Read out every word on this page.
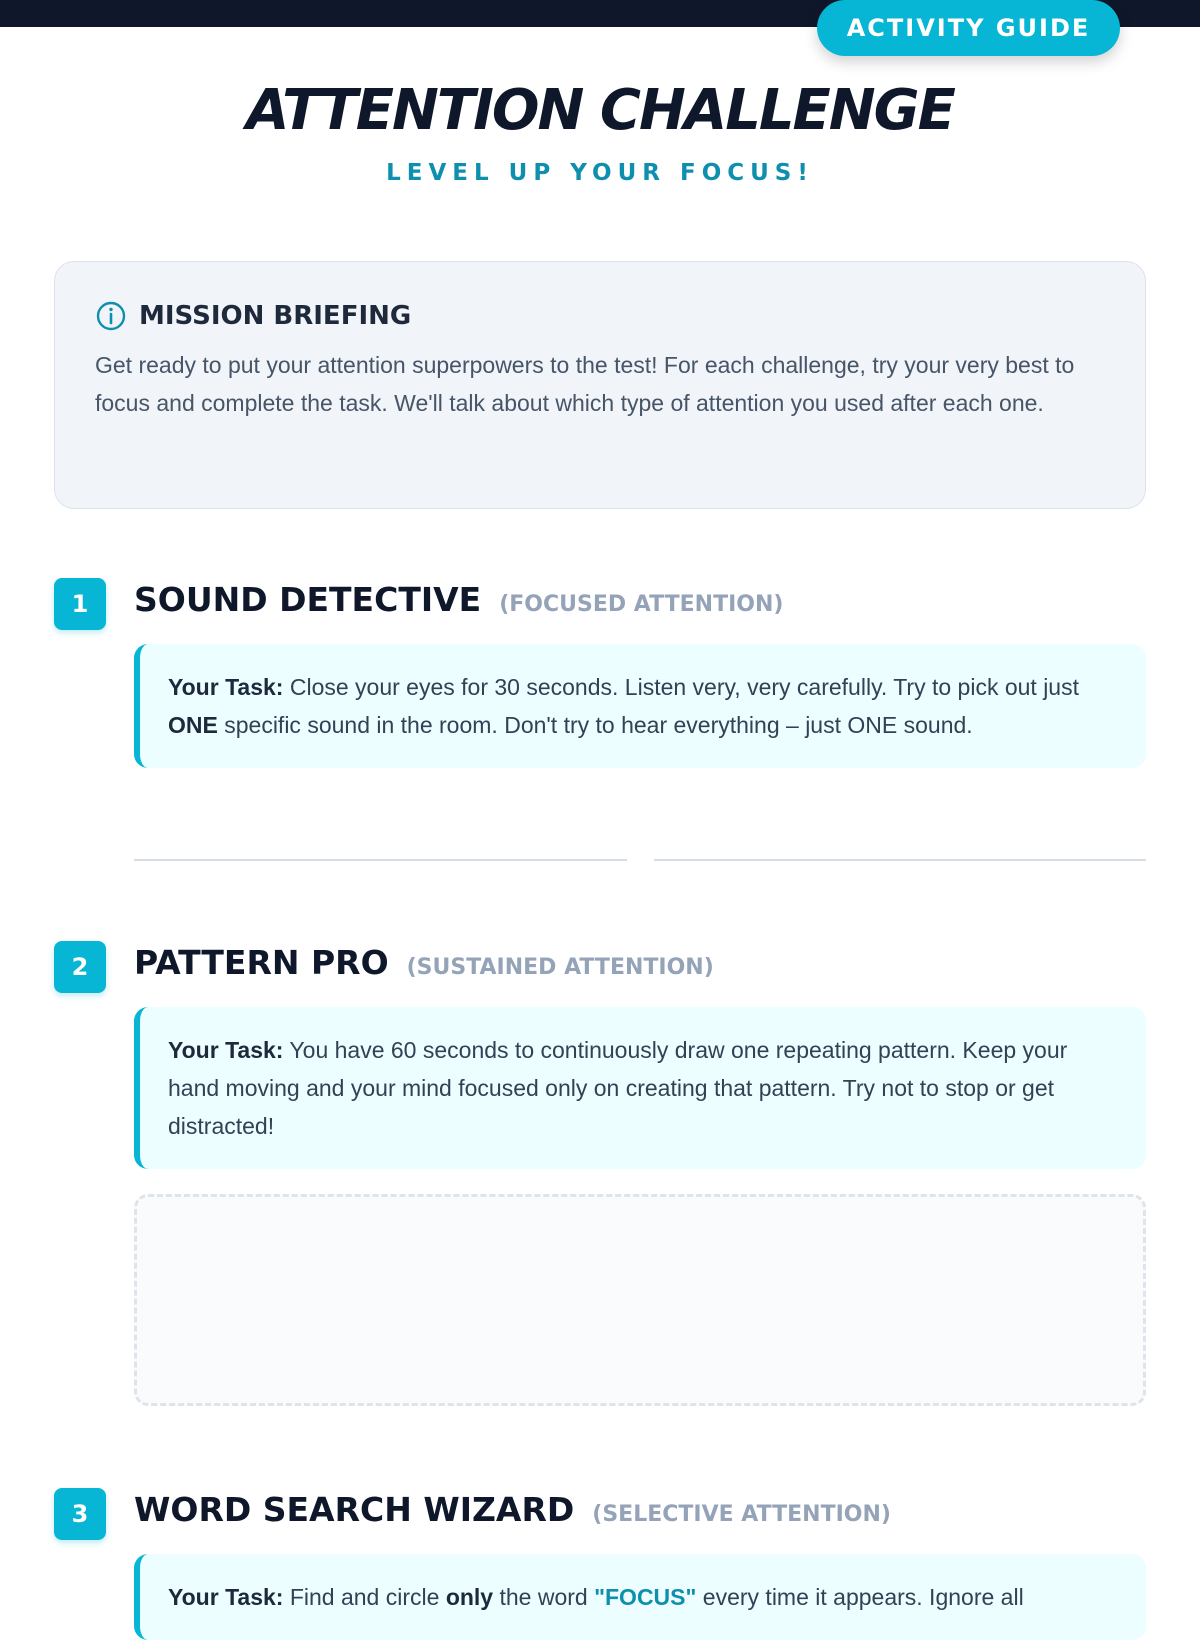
ACTIVITY GUIDE
ATTENTION CHALLENGE
LEVEL UP YOUR FOCUS!
MISSION BRIEFING
Get ready to put your attention superpowers to the test! For each challenge, try your very best to focus and complete the task. We'll talk about which type of attention you used after each one.
1	SOUND DETECTIVE (FOCUSED ATTENTION)
Your Task: Close your eyes for 30 seconds. Listen very, very carefully. Try to pick out just ONE specific sound in the room. Don't try to hear everything – just ONE sound.
2	PATTERN PRO (SUSTAINED ATTENTION)
Your Task: You have 60 seconds to continuously draw one repeating pattern. Keep your hand moving and your mind focused only on creating that pattern. Try not to stop or get distracted!
3	WORD SEARCH WIZARD (SELECTIVE ATTENTION)
Your Task: Find and circle only the word "FOCUS" every time it appears. Ignore all
